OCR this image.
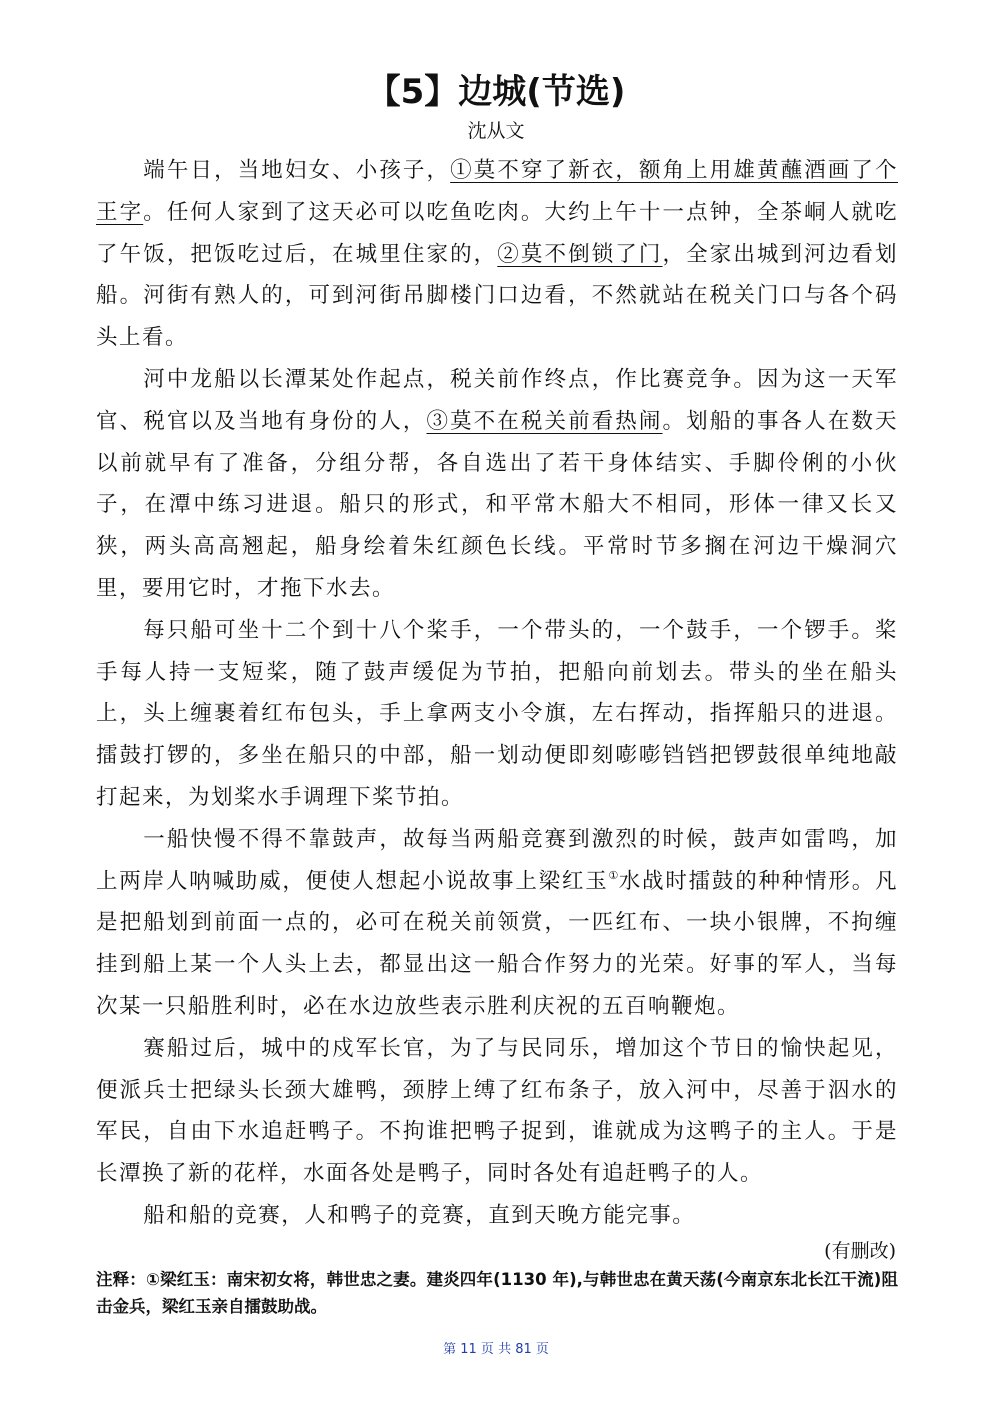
【5】边城(节选)
沈从文

端午日，当地妇女、小孩子，①莫不穿了新衣，额角上用雄黄蘸酒画了个王字。任何人家到了这天必可以吃鱼吃肉。大约上午十一点钟，全茶峒人就吃了午饭，把饭吃过后，在城里住家的，②莫不倒锁了门，全家出城到河边看划船。河街有熟人的，可到河街吊脚楼门口边看，不然就站在税关门口与各个码头上看。

河中龙船以长潭某处作起点，税关前作终点，作比赛竞争。因为这一天军官、税官以及当地有身份的人，③莫不在税关前看热闹。划船的事各人在数天以前就早有了准备，分组分帮，各自选出了若干身体结实、手脚伶俐的小伙子，在潭中练习进退。船只的形式，和平常木船大不相同，形体一律又长又狭，两头高高翘起，船身绘着朱红颜色长线。平常时节多搁在河边干燥洞穴里，要用它时，才拖下水去。

每只船可坐十二个到十八个桨手，一个带头的，一个鼓手，一个锣手。桨手每人持一支短桨，随了鼓声缓促为节拍，把船向前划去。带头的坐在船头上，头上缠裹着红布包头，手上拿两支小令旗，左右挥动，指挥船只的进退。擂鼓打锣的，多坐在船只的中部，船一划动便即刻嘭嘭铛铛把锣鼓很单纯地敲打起来，为划桨水手调理下桨节拍。

一船快慢不得不靠鼓声，故每当两船竞赛到激烈的时候，鼓声如雷鸣，加上两岸人呐喊助威，便使人想起小说故事上梁红玉①水战时擂鼓的种种情形。凡是把船划到前面一点的，必可在税关前领赏，一匹红布、一块小银牌，不拘缠挂到船上某一个人头上去，都显出这一船合作努力的光荣。好事的军人，当每次某一只船胜利时，必在水边放些表示胜利庆祝的五百响鞭炮。

赛船过后，城中的戍军长官，为了与民同乐，增加这个节日的愉快起见，便派兵士把绿头长颈大雄鸭，颈脖上缚了红布条子，放入河中，尽善于泅水的军民，自由下水追赶鸭子。不拘谁把鸭子捉到，谁就成为这鸭子的主人。于是长潭换了新的花样，水面各处是鸭子，同时各处有追赶鸭子的人。

船和船的竞赛，人和鸭子的竞赛，直到天晚方能完事。

(有删改)

注释：①梁红玉：南宋初女将，韩世忠之妻。建炎四年(1130 年),与韩世忠在黄天荡(今南京东北长江干流)阻击金兵，梁红玉亲自擂鼓助战。

第 11 页 共 81 页
